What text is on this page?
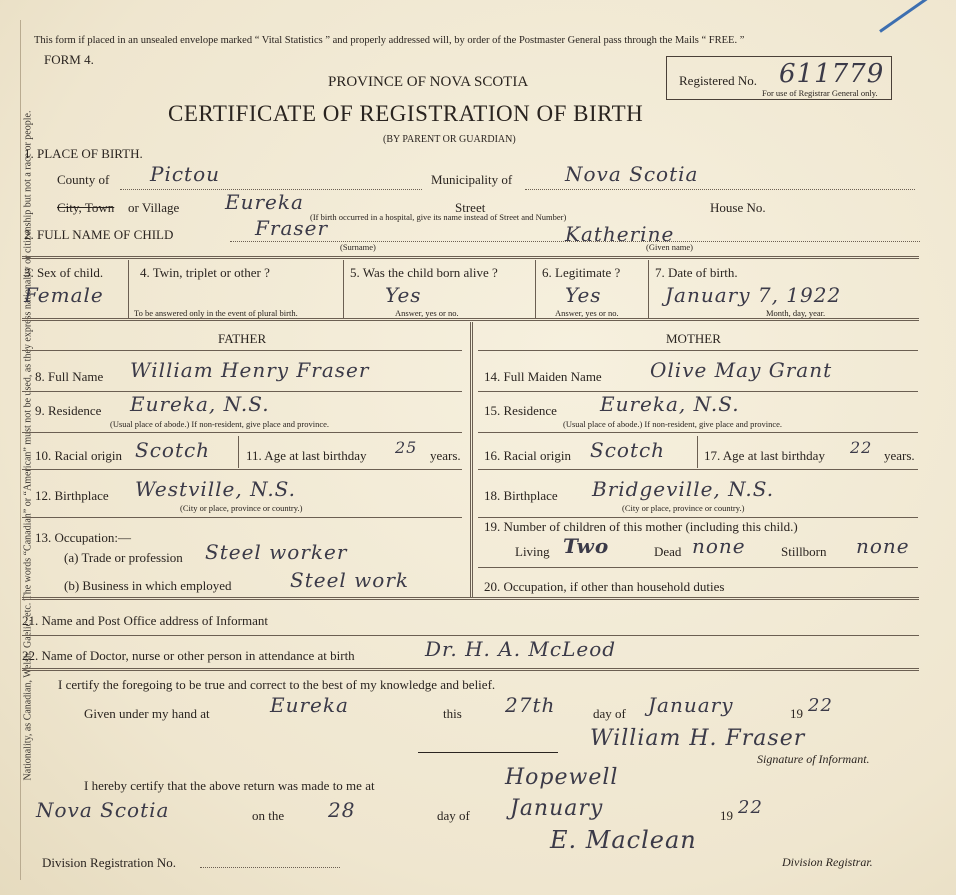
Nationality, as Canadian, Welsh, Gaelic, etc. The words “Canadian” or “American” must not be used, as they express nationality or citizenship but not a race or people.
This form if placed in an unsealed envelope marked “ Vital Statistics ” and properly addressed will, by order of the Postmaster General pass through the Mails “ FREE. ”
FORM 4.
PROVINCE OF NOVA SCOTIA
CERTIFICATE OF REGISTRATION OF BIRTH
(BY PARENT OR GUARDIAN)
Registered No. 611779
For use of Registrar General only.
1. PLACE OF BIRTH.
County of Pictou	Municipality of	Nova Scotia
City, Town or Village Eureka	Street	House No.
(If birth occurred in a hospital, give its name instead of Street and Number)
2. FULL NAME OF CHILD	Fraser
(Surname)
Katherine
(Given name)
3. Sex of child.
Female
4. Twin, triplet or other ?
To be answered only in the event of plural birth.
5. Was the child born alive ?
Yes
Answer, yes or no.
6. Legitimate ?
Yes
Answer, yes or no.
7. Date of birth.
January 7, 1922
Month, day, year.
FATHER	MOTHER
8. Full Name William Henry Fraser
9. Residence Eureka, N.S.
(Usual place of abode.) If non-resident, give place and province.
10. Racial origin Scotch	11. Age at last birthday 25 years.
12. Birthplace Westville, N.S.
(City or place, province or country.)
13. Occupation:—
(a) Trade or profession Steel worker
(b) Business in which employed	Steel work
14. Full Maiden Name Olive May Grant
15. Residence Eureka, N.S.
(Usual place of abode.) If non-resident, give place and province.
16. Racial origin Scotch	17. Age at last birthday 22 years.
18. Birthplace Bridgeville, N.S.
(City or place, province or country.)
19. Number of children of this mother (including this child.)
Living Two	Dead none	Stillborn none
20. Occupation, if other than household duties
21. Name and Post Office address of Informant
22. Name of Doctor, nurse or other person in attendance at birth	Dr. H. A. McLeod
I certify the foregoing to be true and correct to the best of my knowledge and belief.
Given under my hand at	Eureka	this 27th	day of January	19 22
William H. Fraser
Signature of Informant.
I hereby certify that the above return was made to me at	Hopewell
Nova Scotia	on the 28	day of January	19 22
Division Registration No.
E. Maclean
Division Registrar.
